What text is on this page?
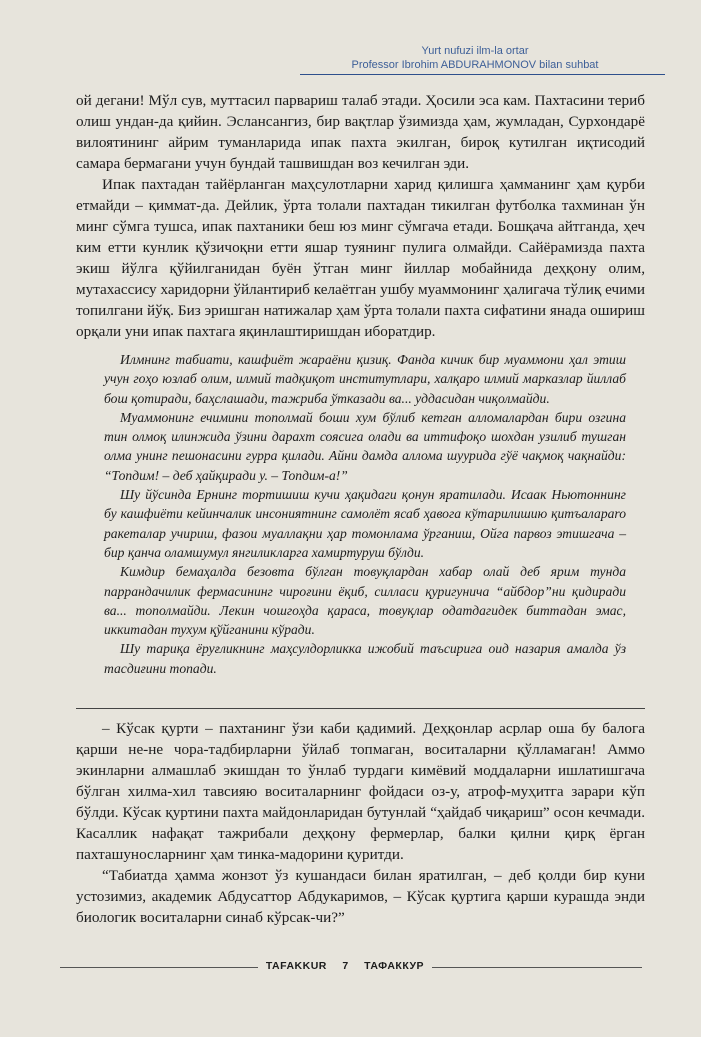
Yurt nufuzi ilm-la ortar
Professor Ibrohim ABDURAHMONOV bilan suhbat

ой дегани! Мўл сув, муттасил парвариш талаб этади. Ҳосили эса кам. Пахтасини териб олиш ундан-да қийин. Эслансангиз, бир вақтлар ўзимизда ҳам, жумладан, Сурхондарё вилоятининг айрим туманларида ипак пахта экилган, бироқ кутилган иқтисодий самара бермагани учун бундай ташвишдан воз кечилган эди.

Ипак пахтадан тайёрланган маҳсулотларни харид қилишга ҳамманинг ҳам қурби етмайди – қиммат-да. Дейлик, ўрта толали пахтадан тикилган футболка тахминан ўн минг сўмга тушса, ипак пахтаники беш юз минг сўмгача етади. Бошқача айтганда, ҳеч ким етти кунлик қўзичоқни етти яшар туянинг пулига олмайди. Сайёрамизда пахта экиш йўлга қўйилганидан буён ўтган минг йиллар мобайнида деҳқону олим, мутахассису харидорни ўйлантириб келаётган ушбу муаммонинг ҳалигача тўлиқ ечими топилгани йўқ. Биз эришган натижалар ҳам ўрта толали пахта сифатини янада ошириш орқали уни ипак пахтага яқинлаштиришдан иборатдир.

Илмнинг табиати, кашфиёт жараёни қизиқ. Фанда кичик бир муаммони ҳал этиш учун гоҳо юзлаб олим, илмий тадқиқот институтлари, халқаро илмий марказлар йиллаб бош қотиради, баҳслашади, тажриба ўтказади ва... уддасидан чиқолмайди.

Муаммонинг ечимини тополмай боши хум бўлиб кетган алломалардан бири озгина тин олмоқ илинжида ўзини дарахт соясига олади ва иттифоқо шохдан узилиб тушган олма унинг пешонасини гурра қилади. Айни дамда аллома шуурида гўё чақмоқ чақнайди: “Топдим! – деб ҳайқиради у. – Топдим-а!”

Шу йўсинда Ернинг тортишиш кучи ҳақидаги қонун яратилади. Исаак Ньютоннинг бу кашфиёти кейинчалик инсониятнинг самолёт ясаб ҳавога кўтарилишию қитъаларaro ракеталар учириш, фазои муаллақни ҳар томонлама ўрганиш, Ойга парвоз этишгача – бир қанча оламшумул янгиликларга хамиртуруш бўлди.

Кимдир бемаҳалда безовта бўлган товуқлардан хабар олай деб ярим тунда паррандачилик фермасининг чироғини ёқиб, силласи қуригунича “айбдор”ни қидиради ва... тополмайди. Лекин чошгоҳда қараса, товуқлар одатдагидек биттадан эмас, иккитадан тухум қўйганини кўради.

Шу тариқа ёруғликнинг маҳсулдорликка ижобий таъсирига оид назария амалда ўз тасдиғини топади.

– Кўсак қурти – пахтанинг ўзи каби қадимий. Деҳқонлар асрлар оша бу балога қарши не-не чора-тадбирларни ўйлаб топмаган, воситаларни қўлламаган! Аммо экинларни алмашлаб экишдан то ўнлаб турдаги кимёвий моддаларни ишлатишгача бўлган хилма-хил тавсияю воситаларнинг фойдаси оз-у, атроф-муҳитга зарари кўп бўлди. Кўсак қуртини пахта майдонларидан бутунлай “ҳайдаб чиқариш” осон кечмади. Касаллик нафақат тажрибали деҳқону фермерлар, балки қилни қирқ ёрган пахташуносларнинг ҳам тинка-мадорини қуритди.

“Табиатда ҳамма жонзот ўз кушандаси билан яратилган, – деб қолди бир куни устозимиз, академик Абдусаттор Абдукаримов, – Кўсак қуртига қарши курашда энди биологик воситаларни синаб кўрсак-чи?”

TAFAKKUR 7 ТАФАККУР
